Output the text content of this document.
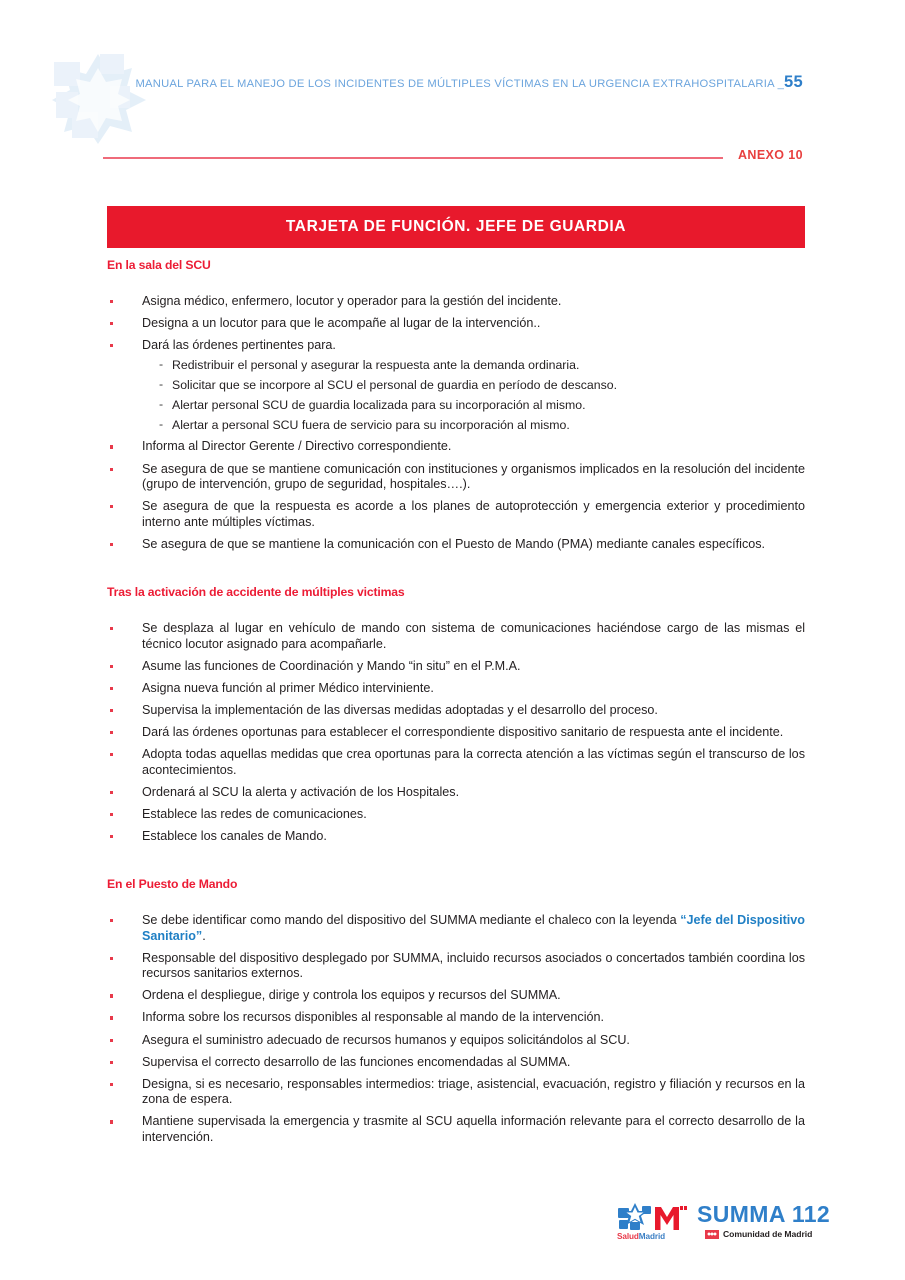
MANUAL PARA EL MANEJO DE LOS INCIDENTES DE MÚLTIPLES VÍCTIMAS EN LA URGENCIA EXTRAHOSPITALARIA _55
ANEXO 10
TARJETA DE FUNCIÓN. JEFE DE GUARDIA

En la sala del SCU

Asigna médico, enfermero, locutor y operador para la gestión del incidente.
Designa a un locutor para que le acompañe al lugar de la intervención..
Dará las órdenes pertinentes para.
- Redistribuir el personal y asegurar la respuesta ante la demanda ordinaria.
- Solicitar que se incorpore al SCU el personal de guardia en período de descanso.
- Alertar personal SCU de guardia localizada para su incorporación al mismo.
- Alertar a personal SCU fuera de servicio para su incorporación al mismo.
Informa al Director Gerente / Directivo correspondiente.
Se asegura de que se mantiene comunicación con instituciones y organismos implicados en la resolución del incidente (grupo de intervención, grupo de seguridad, hospitales….).
Se asegura de que la respuesta es acorde a los planes de autoprotección y emergencia exterior y procedimiento interno ante múltiples víctimas.
Se asegura de que se mantiene la comunicación con el Puesto de Mando (PMA) mediante canales específicos.

Tras la activación de accidente de múltiples victimas

Se desplaza al lugar en vehículo de mando con sistema de comunicaciones haciéndose cargo de las mismas el técnico locutor asignado para acompañarle.
Asume las funciones de Coordinación y Mando “in situ” en el P.M.A.
Asigna nueva función al primer Médico interviniente.
Supervisa la implementación de las diversas medidas adoptadas y el desarrollo del proceso.
Dará las órdenes oportunas para establecer el correspondiente dispositivo sanitario de respuesta ante el incidente.
Adopta todas aquellas medidas que crea oportunas para la correcta atención a las víctimas según el transcurso de los acontecimientos.
Ordenará al SCU la alerta y activación de los Hospitales.
Establece las redes de comunicaciones.
Establece los canales de Mando.

En el Puesto de Mando

Se debe identificar como mando del dispositivo del SUMMA mediante el chaleco con la leyenda “Jefe del Dispositivo Sanitario”.
Responsable del dispositivo desplegado por SUMMA, incluido recursos asociados o concertados también coordina los recursos sanitarios externos.
Ordena el despliegue, dirige y controla los equipos y recursos del SUMMA.
Informa sobre los recursos disponibles al responsable al mando de la intervención.
Asegura el suministro adecuado de recursos humanos y equipos solicitándolos al SCU.
Supervisa el correcto desarrollo de las funciones encomendadas al SUMMA.
Designa, si es necesario, responsables intermedios: triage, asistencial, evacuación, registro y filiación y recursos en la zona de espera.
Mantiene supervisada la emergencia y trasmite al SCU aquella información relevante para el correcto desarrollo de la intervención.
SaludMadrid
SUMMA 112
Comunidad de Madrid
